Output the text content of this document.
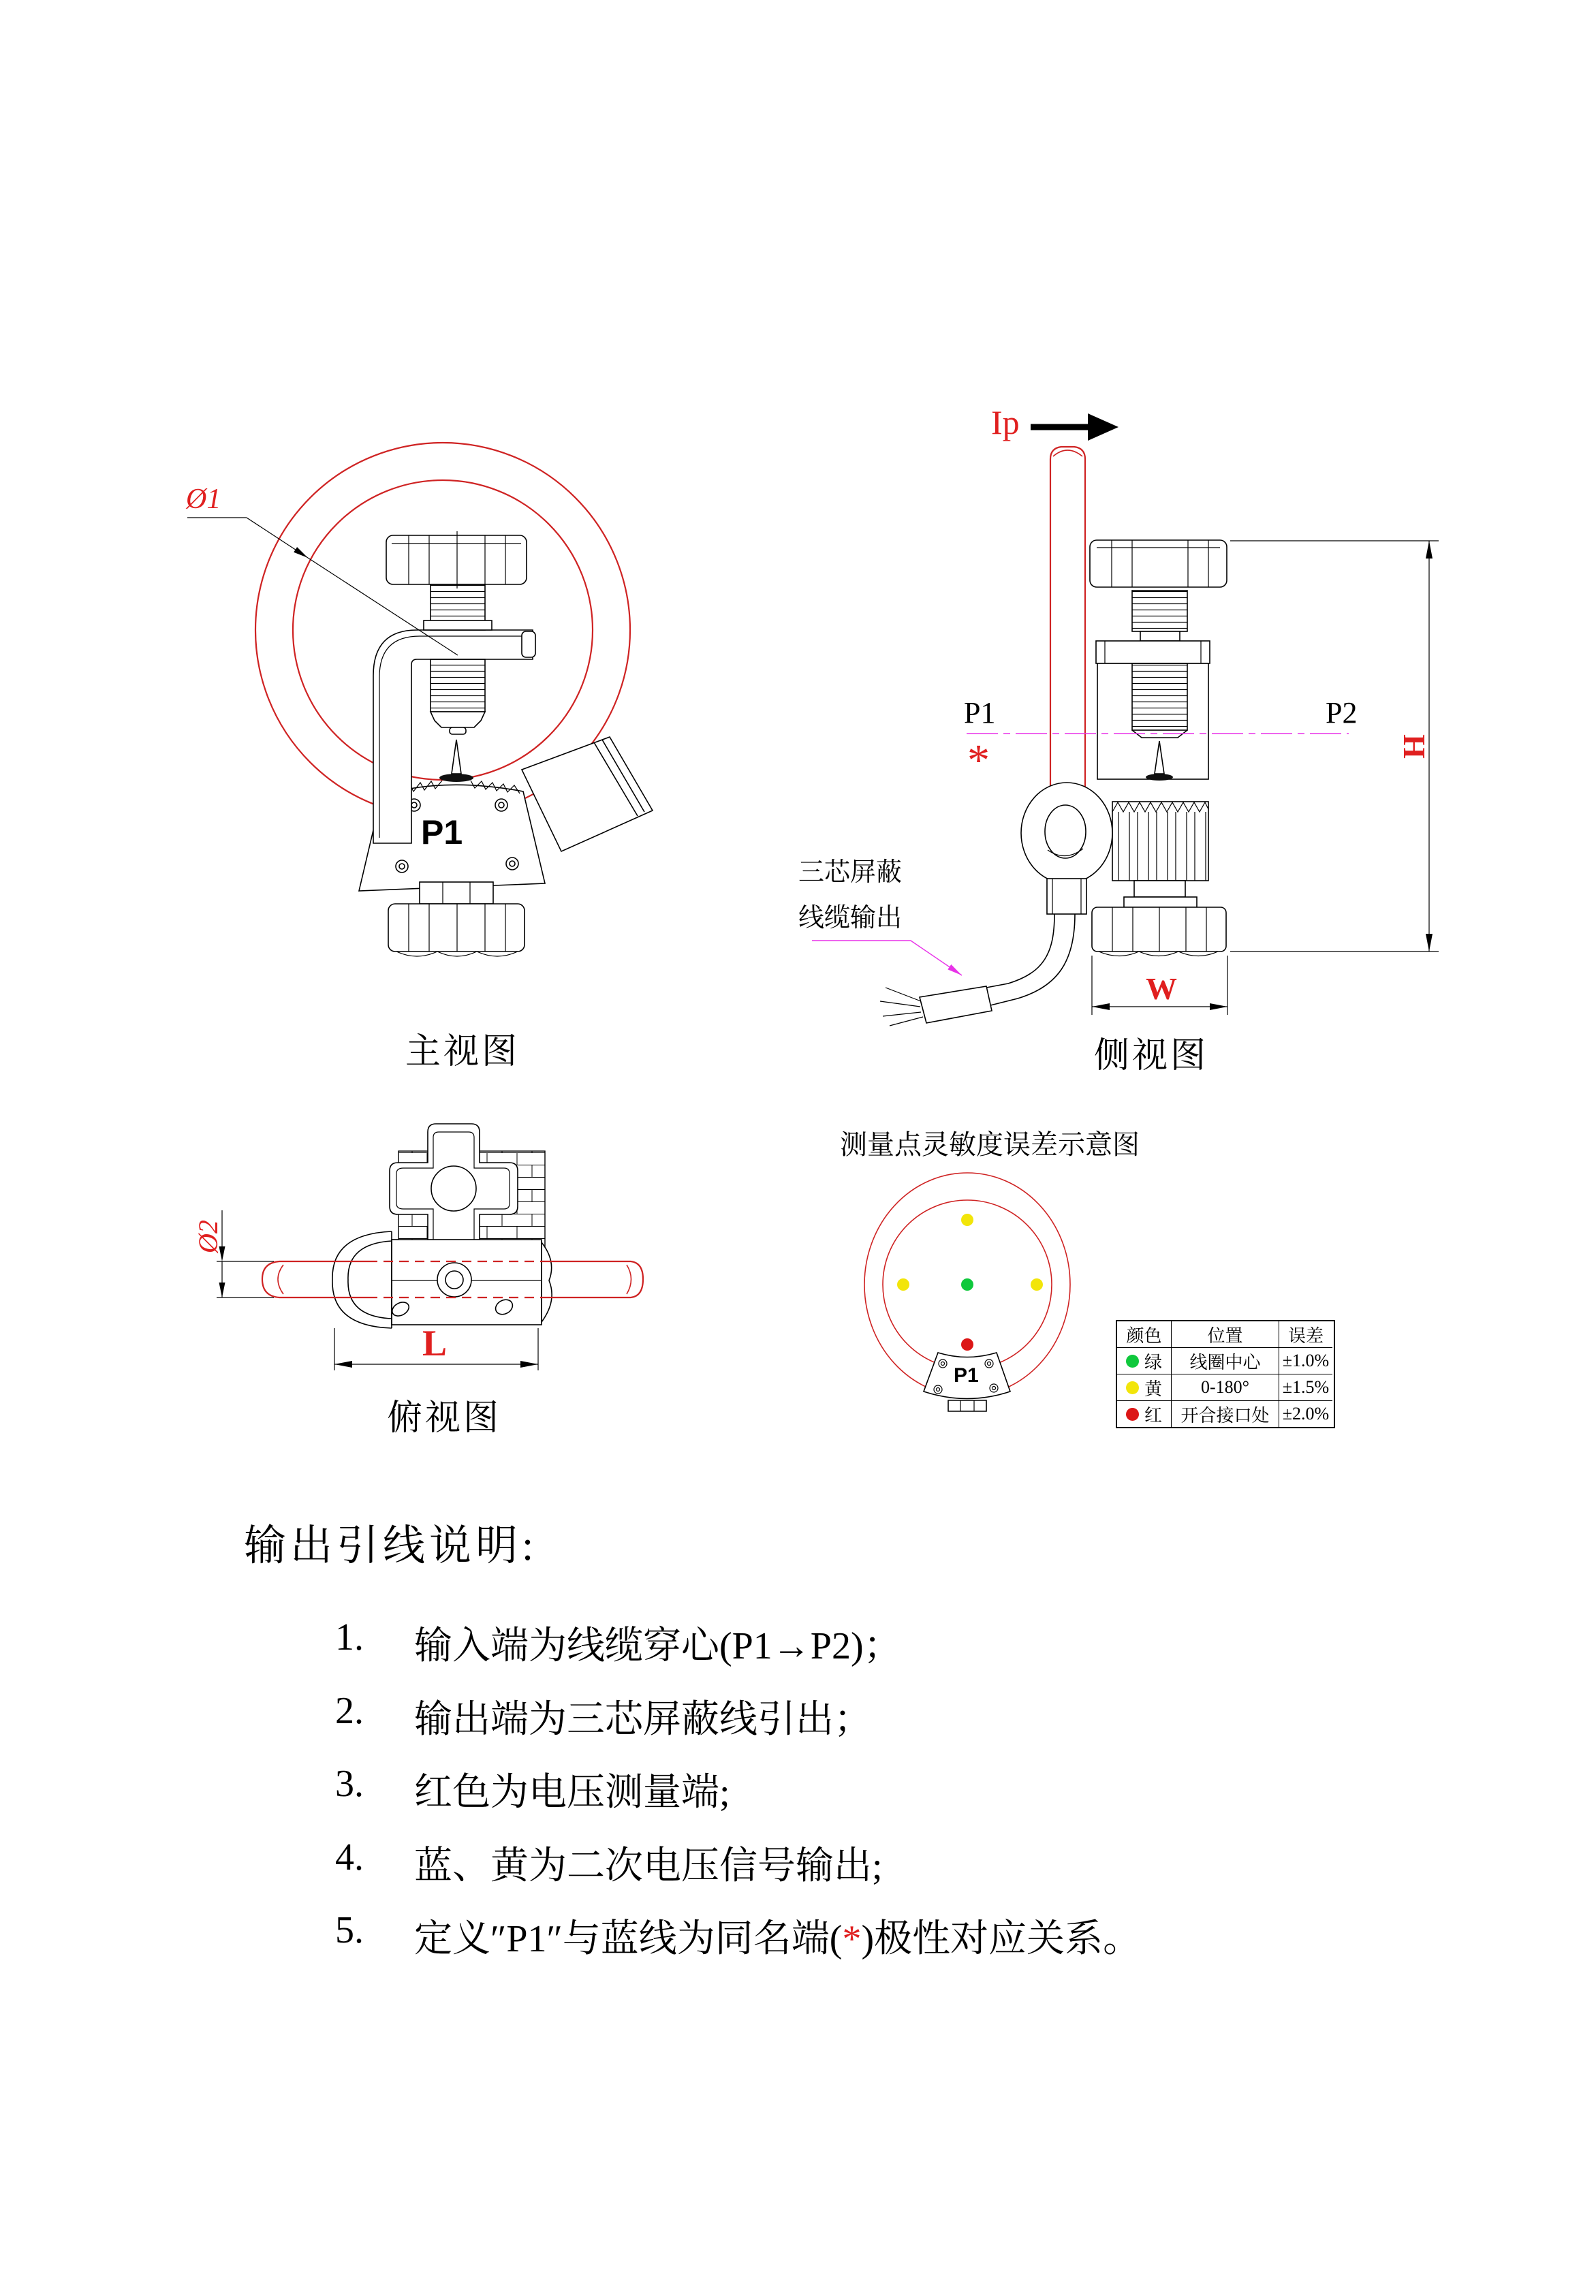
Ø1
P1
主视图
Ip
P1	P2
*
三芯屏蔽
线缆输出
H
W
侧视图
Ø2
L
俯视图
测量点灵敏度误差示意图
P1
颜色	位置	误差
绿	线圈中心	±1.0%
黄	0-180°	±1.5%
红	开合接口处 ±2.0%
输出引线说明:
1.	输入端为线缆穿心(P1→P2)；
2.	输出端为三芯屏蔽线引出；
3.	红色为电压测量端;
4.	蓝、黄为二次电压信号输出;
5.	定义″P1″与蓝线为同名端(*)极性对应关系。
